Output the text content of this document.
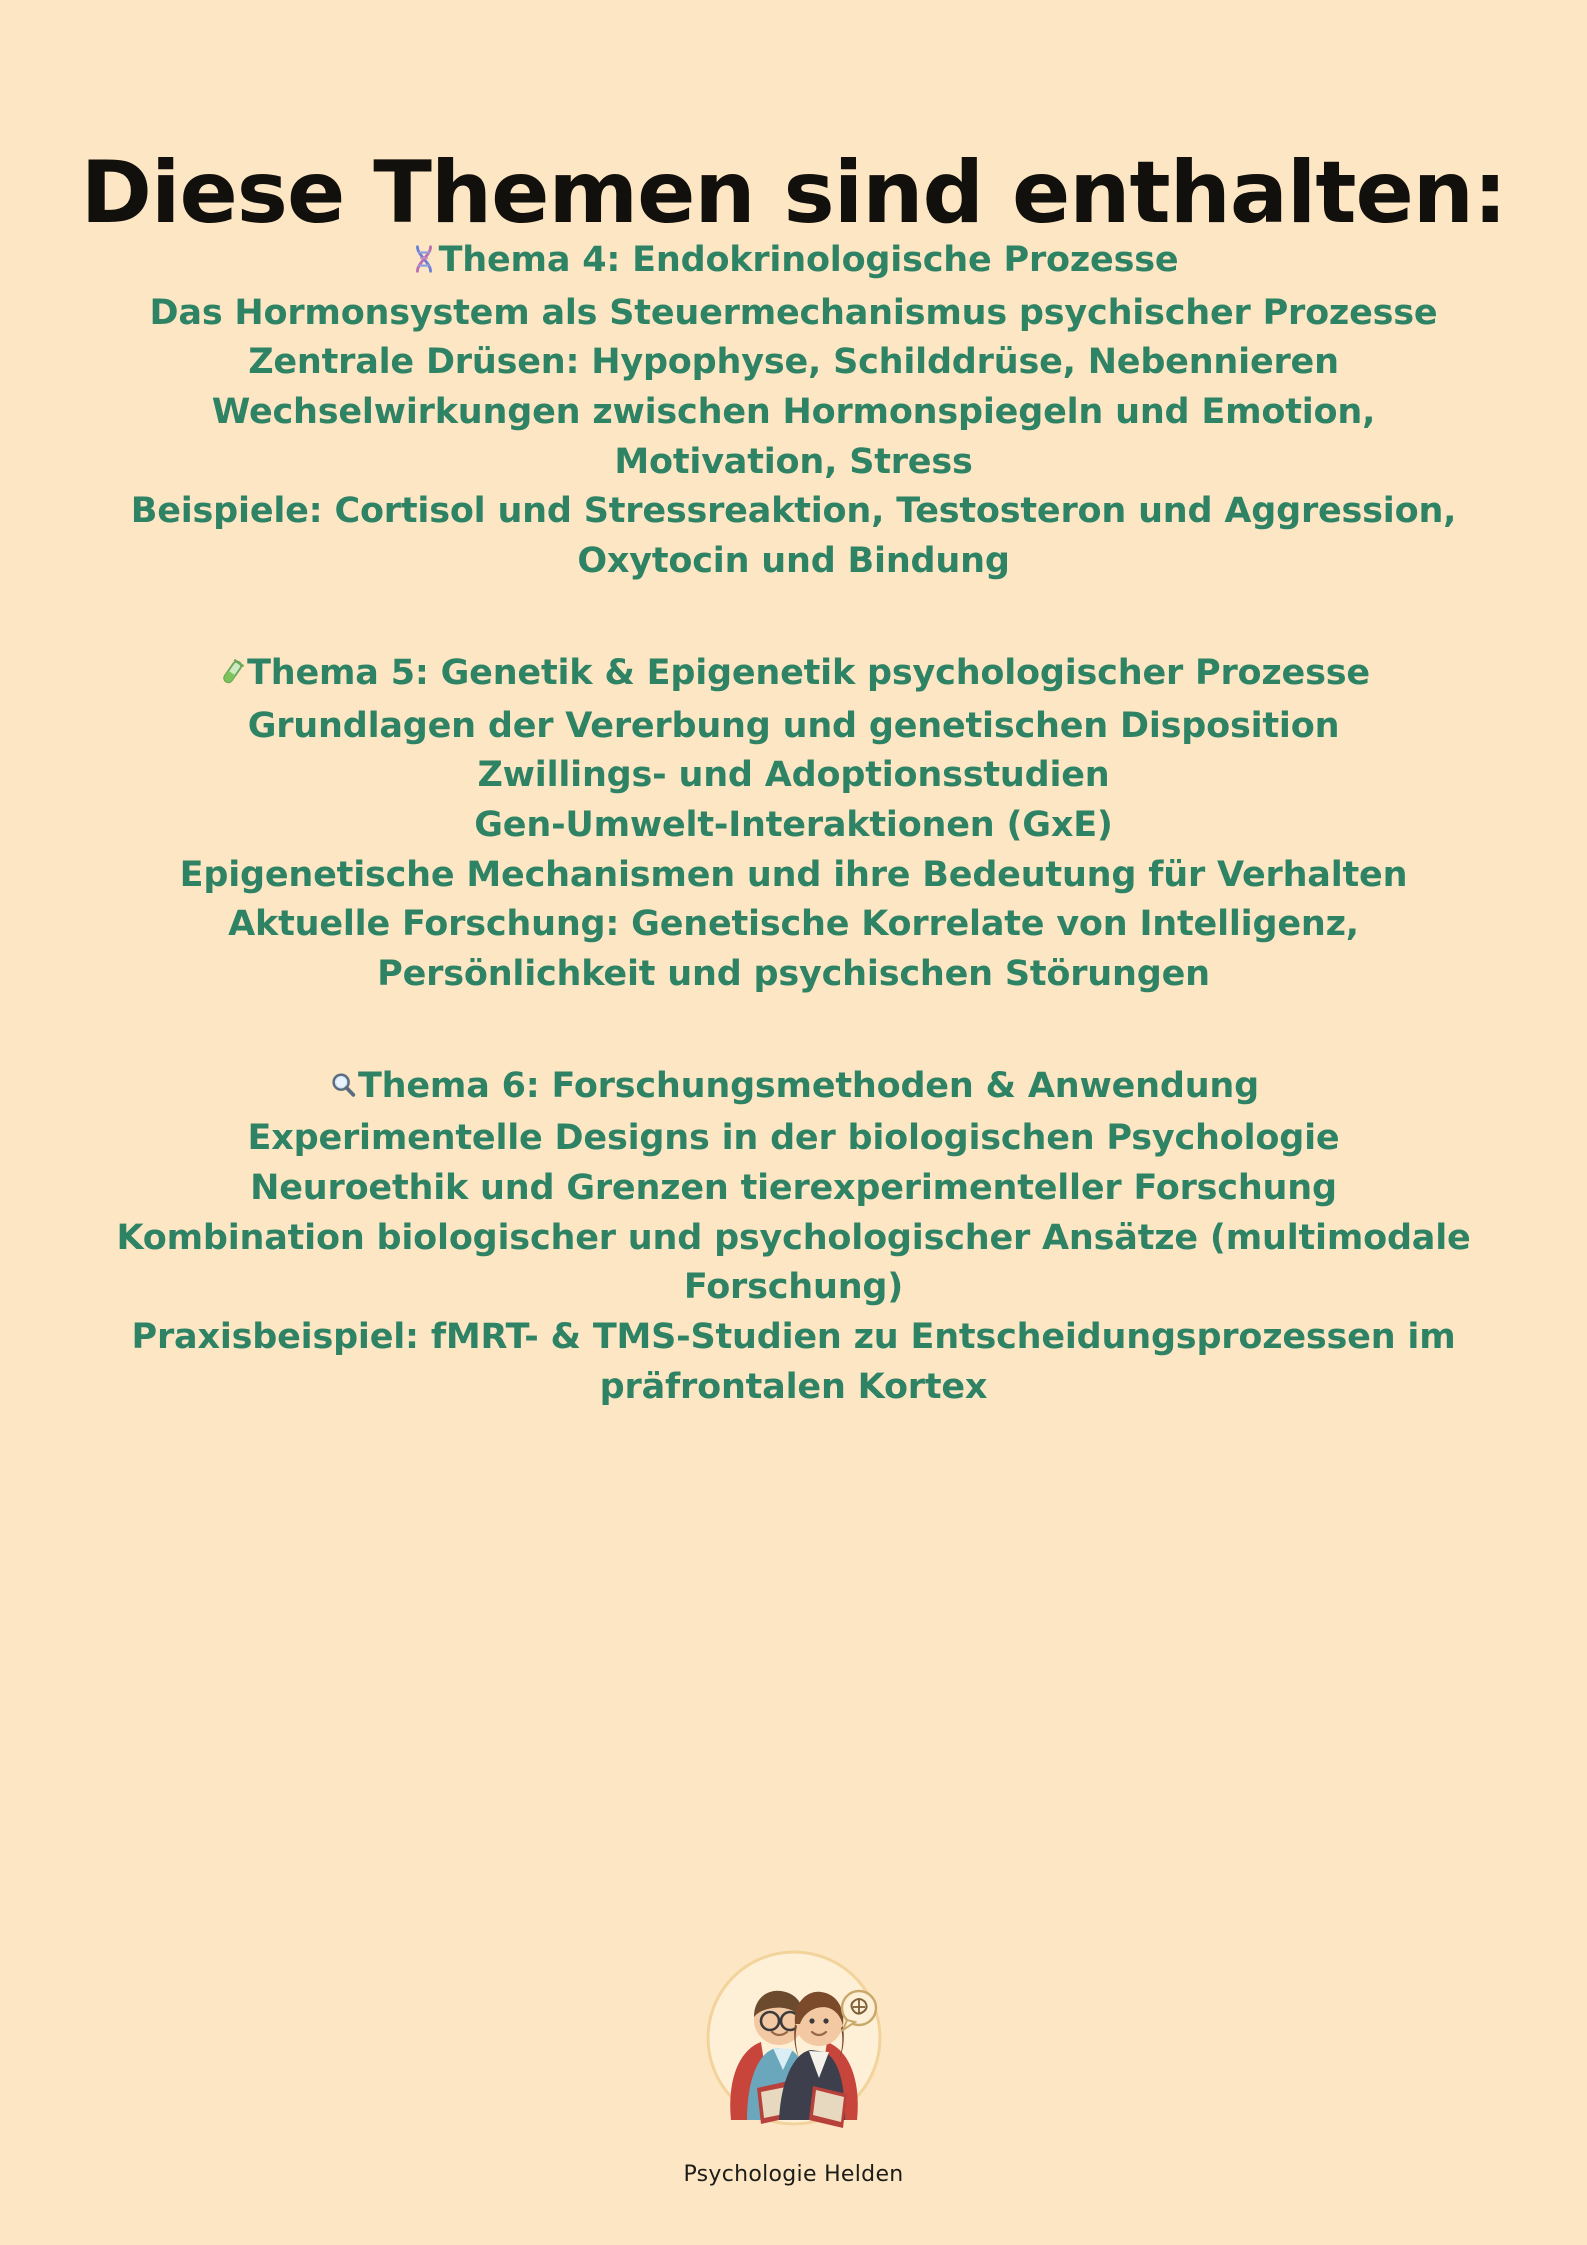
Diese Themen sind enthalten:
Thema 4: Endokrinologische Prozesse
Das Hormonsystem als Steuermechanismus psychischer Prozesse
Zentrale Drüsen: Hypophyse, Schilddrüse, Nebennieren
Wechselwirkungen zwischen Hormonspiegeln und Emotion, Motivation, Stress
Beispiele: Cortisol und Stressreaktion, Testosteron und Aggression, Oxytocin und Bindung
Thema 5: Genetik & Epigenetik psychologischer Prozesse
Grundlagen der Vererbung und genetischen Disposition
Zwillings- und Adoptionsstudien
Gen-Umwelt-Interaktionen (GxE)
Epigenetische Mechanismen und ihre Bedeutung für Verhalten
Aktuelle Forschung: Genetische Korrelate von Intelligenz, Persönlichkeit und psychischen Störungen
Thema 6: Forschungsmethoden & Anwendung
Experimentelle Designs in der biologischen Psychologie
Neuroethik und Grenzen tierexperimenteller Forschung
Kombination biologischer und psychologischer Ansätze (multimodale Forschung)
Praxisbeispiel: fMRT- & TMS-Studien zu Entscheidungsprozessen im präfrontalen Kortex
Psychologie Helden
